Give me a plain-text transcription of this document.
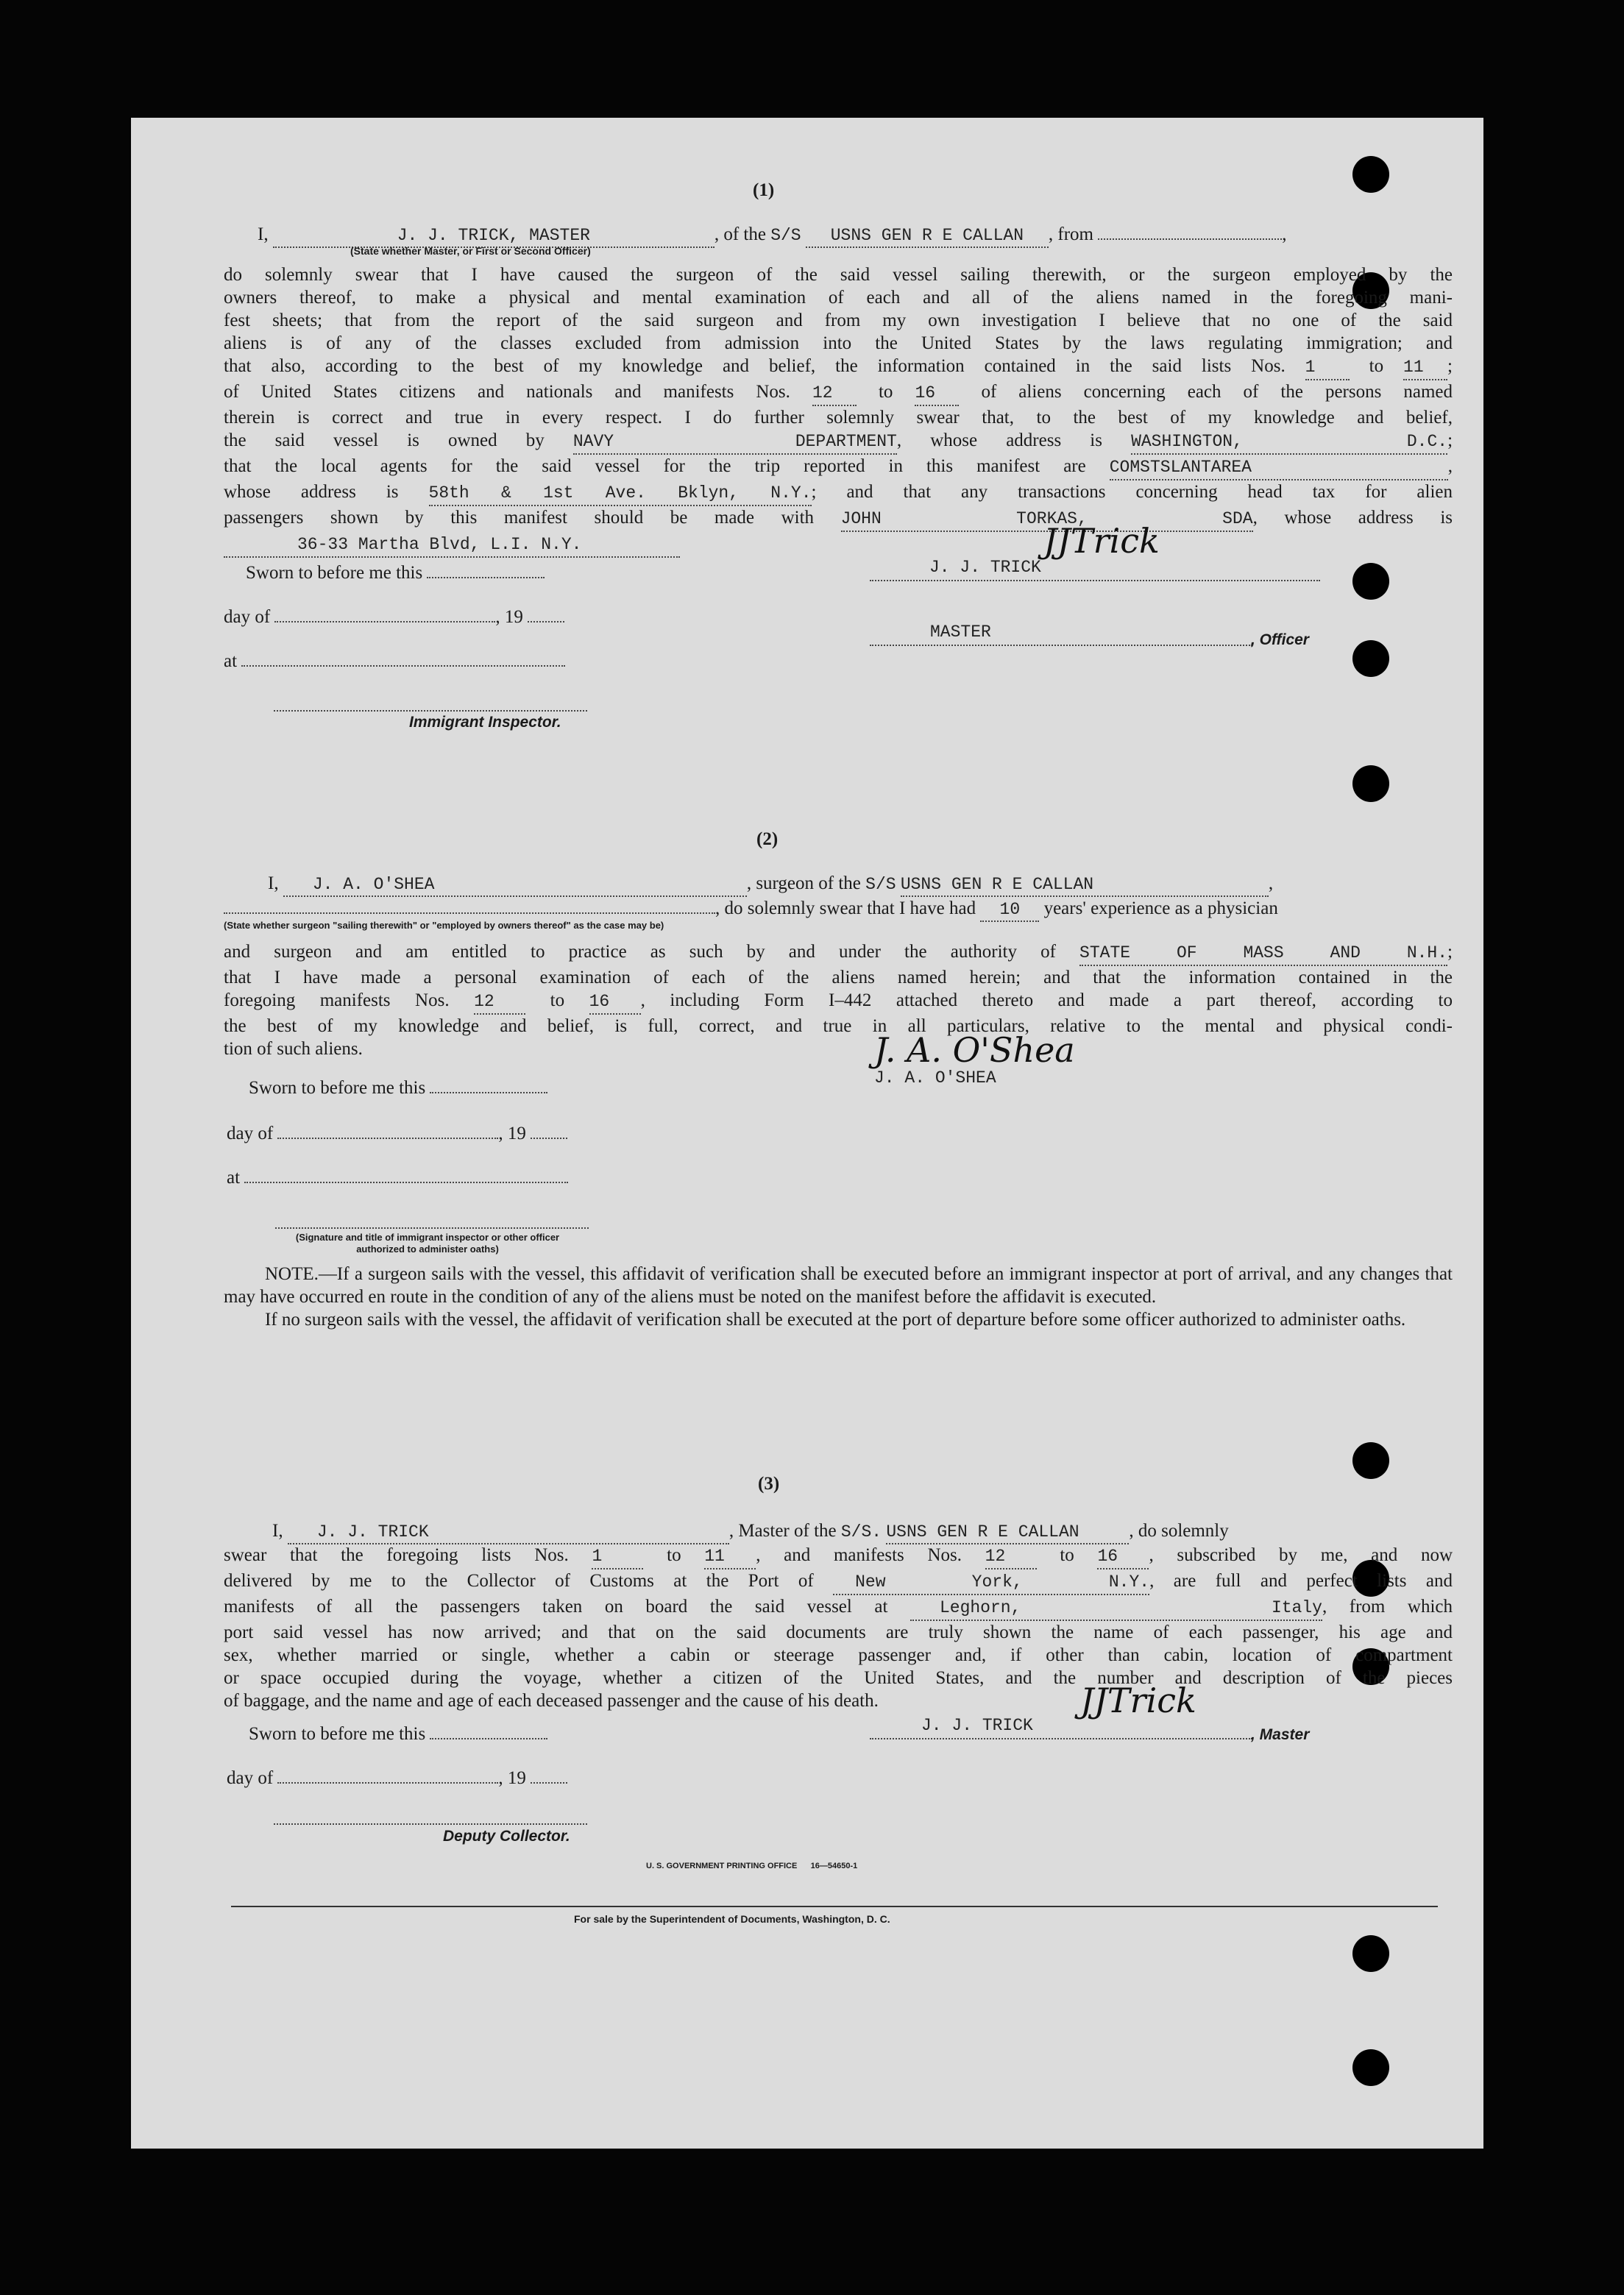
(1)
I,	J. J. TRICK, MASTER	, of the S/S USNS GEN R E CALLAN , from	,
(State whether Master, or First or Second Officer)
do solemnly swear that I have caused the surgeon of the said vessel sailing therewith, or the surgeon employed by the
owners thereof, to make a physical and mental examination of each and all of the aliens named in the foregoing mani-
fest sheets; that from the report of the said surgeon and from my own investigation I believe that no one of the said
aliens is of any of the classes excluded from admission into the United States by the laws regulating immigration; and
that also, according to the best of my knowledge and belief, the information contained in the said lists Nos. 1 to 11 ;
of United States citizens and nationals and manifests Nos. 12 to 16 of aliens concerning each of the persons named
therein is correct and true in every respect. I do further solemnly swear that, to the best of my knowledge and belief,
the said vessel is owned by NAVY DEPARTMENT, whose address is WASHINGTON, D.C.;
that the local agents for the said vessel for the trip reported in this manifest are COMSTSLANTAREA	,
whose address is 58th & 1st Ave. Bklyn, N.Y.; and that any transactions concerning head tax for alien
passengers shown by this manifest should be made with JOHN TORKAS, SDA, whose address is
36-33 Martha Blvd, L.I. N.Y.
Sworn to before me this
day of	, 19
at
Immigrant Inspector.
J. J. TRICK
JJTrick
MASTER	, Officer
(2)
I, J. A. O'SHEA	, surgeon of the S/S USNS GEN R E CALLAN	,
, do solemnly swear that I have had 10 years' experience as a physician
(State whether surgeon "sailing therewith" or "employed by owners thereof" as the case may be)
and surgeon and am entitled to practice as such by and under the authority of STATE OF MASS AND N.H.;
that I have made a personal examination of each of the aliens named herein; and that the information contained in the
foregoing manifests Nos. 12 to 16 , including Form I–442 attached thereto and made a part thereof, according to
the best of my knowledge and belief, is full, correct, and true in all particulars, relative to the mental and physical condi-
tion of such aliens.	J. A. O'Shea
J. A. O'SHEA
Sworn to before me this
day of	, 19
at
(Signature and title of immigrant inspector or other officer authorized to administer oaths)
NOTE.—If a surgeon sails with the vessel, this affidavit of verification shall be executed before an immigrant inspector at port of arrival, and any changes that may have occurred en route in the condition of any of the aliens must be noted on the manifest before the affidavit is executed.
If no surgeon sails with the vessel, the affidavit of verification shall be executed at the port of departure before some officer authorized to administer oaths.
(3)
I, J. J. TRICK	, Master of the S/S. USNS GEN R E CALLAN	, do solemnly
swear that the foregoing lists Nos. 1 to 11 , and manifests Nos. 12 to 16 , subscribed by me, and now
delivered by me to the Collector of Customs at the Port of New York, N.Y., are full and perfect lists and
manifests of all the passengers taken on board the said vessel at Leghorn, Italy, from which
port said vessel has now arrived; and that on the said documents are truly shown the name of each passenger, his age and
sex, whether married or single, whether a cabin or steerage passenger and, if other than cabin, location of compartment
or space occupied during the voyage, whether a citizen of the United States, and the number and description of the pieces
of baggage, and the name and age of each deceased passenger and the cause of his death.
Sworn to before me this
day of	, 19
Deputy Collector.
J. J. TRICK
JJTrick
, Master
U. S. GOVERNMENT PRINTING OFFICE      16—54650-1
For sale by the Superintendent of Documents, Washington, D. C.
